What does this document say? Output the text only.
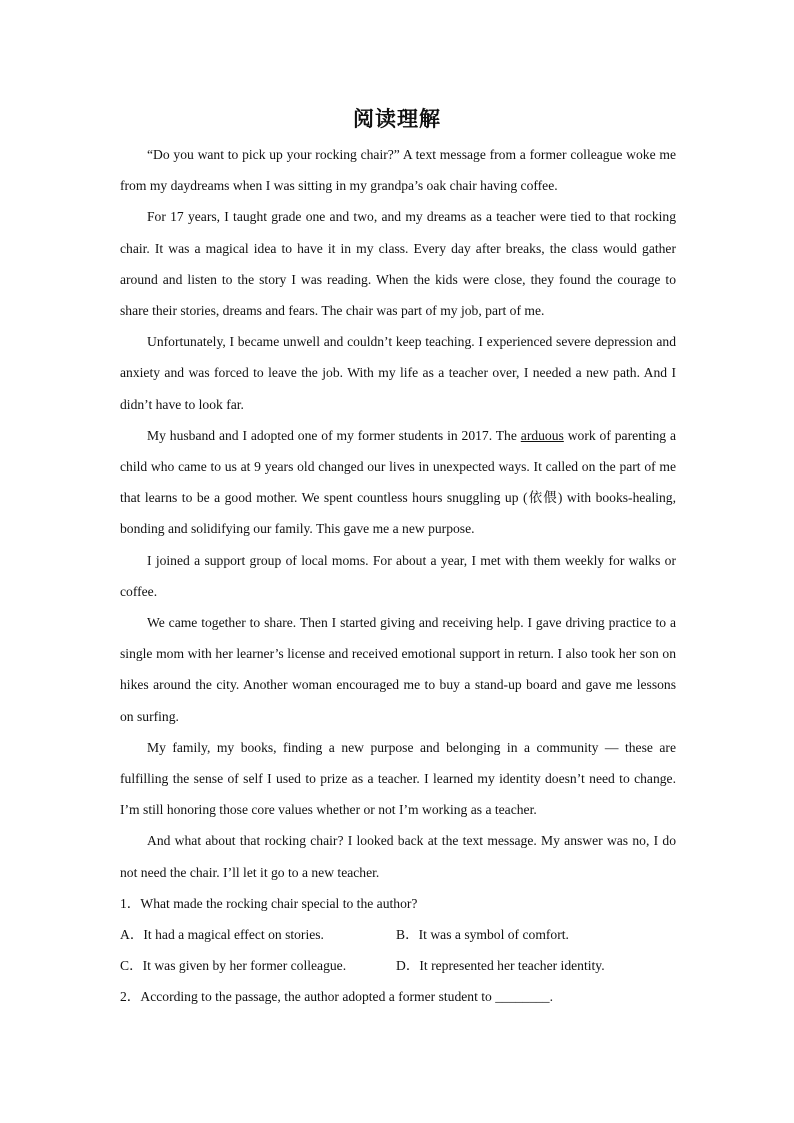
阅读理解

“Do you want to pick up your rocking chair?” A text message from a former colleague woke me from my daydreams when I was sitting in my grandpa’s oak chair having coffee.

For 17 years, I taught grade one and two, and my dreams as a teacher were tied to that rocking chair. It was a magical idea to have it in my class. Every day after breaks, the class would gather around and listen to the story I was reading. When the kids were close, they found the courage to share their stories, dreams and fears. The chair was part of my job, part of me.

Unfortunately, I became unwell and couldn’t keep teaching. I experienced severe depression and anxiety and was forced to leave the job. With my life as a teacher over, I needed a new path. And I didn’t have to look far.

My husband and I adopted one of my former students in 2017. The arduous work of parenting a child who came to us at 9 years old changed our lives in unexpected ways. It called on the part of me that learns to be a good mother. We spent countless hours snuggling up (依偎) with books-healing, bonding and solidifying our family. This gave me a new purpose.

I joined a support group of local moms. For about a year, I met with them weekly for walks or coffee.

We came together to share. Then I started giving and receiving help. I gave driving practice to a single mom with her learner’s license and received emotional support in return. I also took her son on hikes around the city. Another woman encouraged me to buy a stand-up board and gave me lessons on surfing.

My family, my books, finding a new purpose and belonging in a community — these are fulfilling the sense of self I used to prize as a teacher. I learned my identity doesn’t need to change. I’m still honoring those core values whether or not I’m working as a teacher.

And what about that rocking chair? I looked back at the text message. My answer was no, I do not need the chair. I’ll let it go to a new teacher.

1．What made the rocking chair special to the author?

A．It had a magical effect on stories.	B．It was a symbol of comfort.
C．It was given by her former colleague.	D．It represented her teacher identity.

2．According to the passage, the author adopted a former student to ________.
